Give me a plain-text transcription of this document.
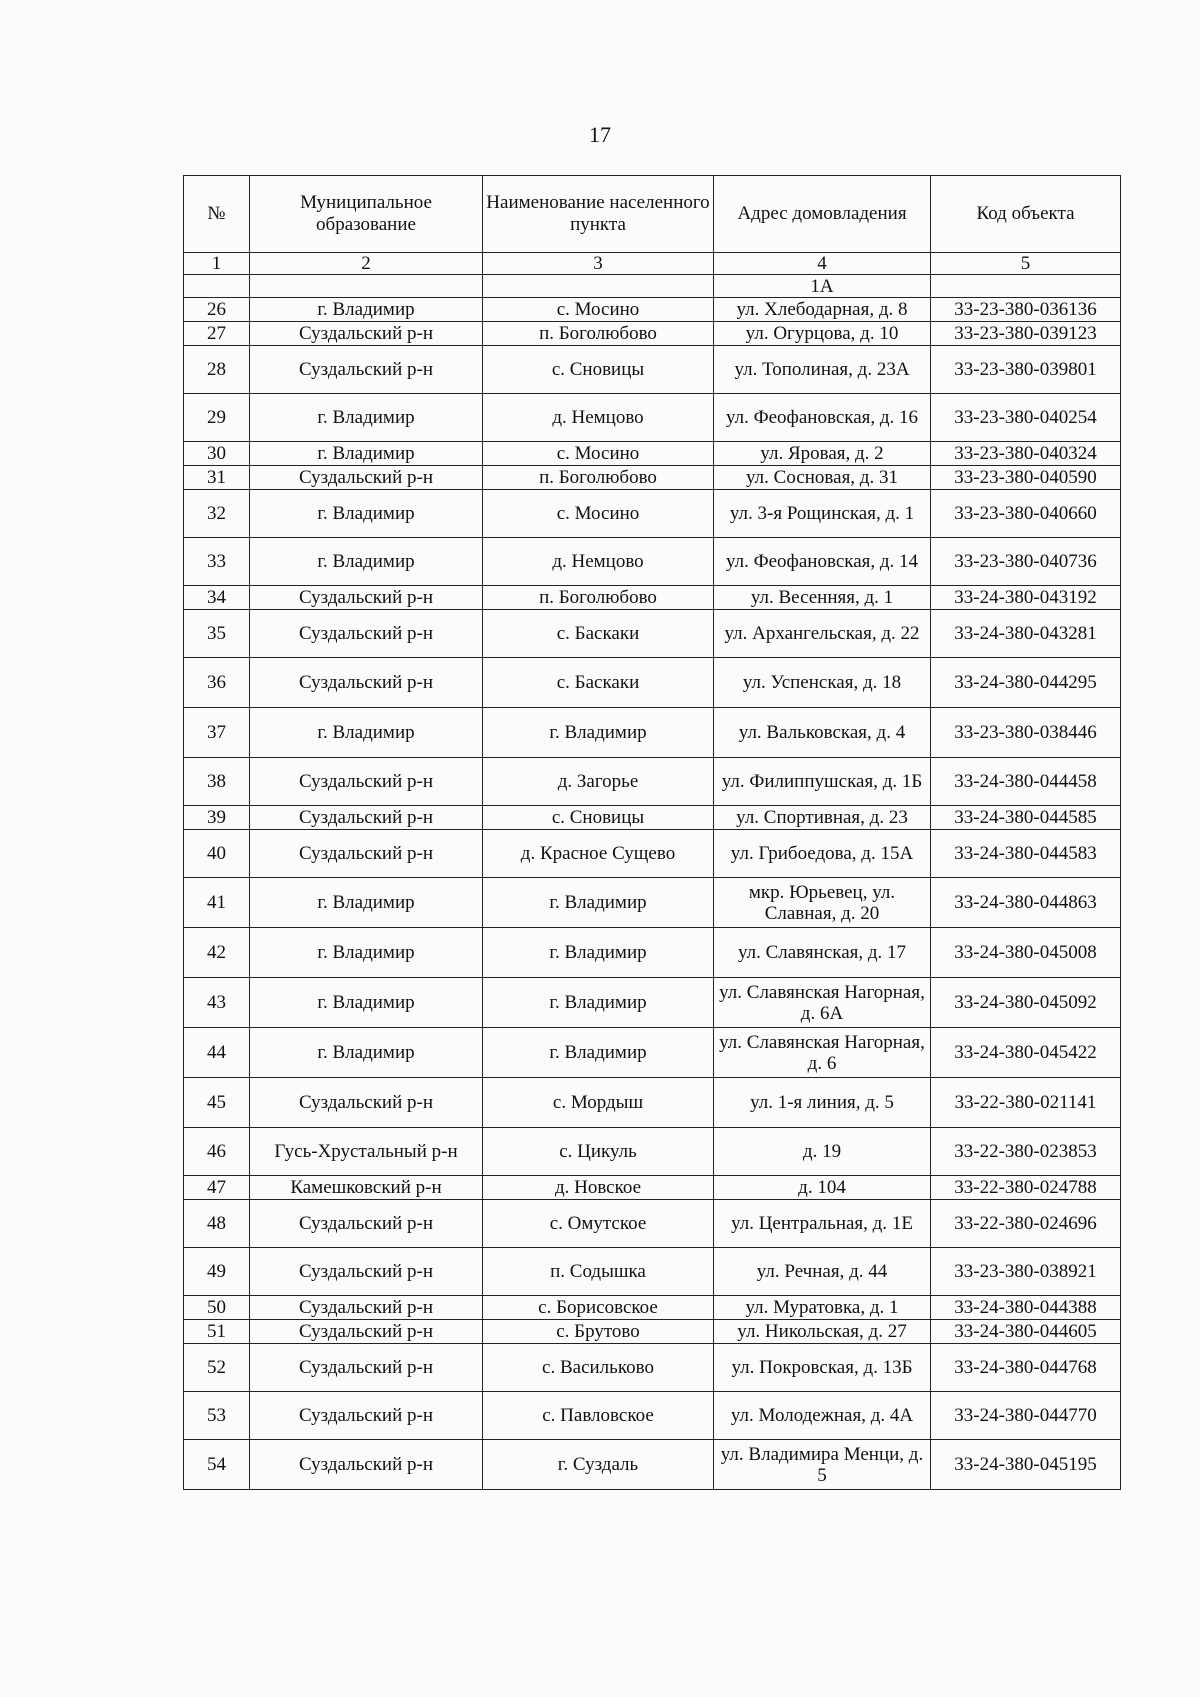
17
№	Муниципальное образование	Наименование населенного пункта	Адрес домовладения	Код объекта
1	2	3	4	5
			1А	
26	г. Владимир	с. Мосино	ул. Хлебодарная, д. 8	33-23-380-036136
27	Суздальский р-н	п. Боголюбово	ул. Огурцова, д. 10	33-23-380-039123
28	Суздальский р-н	с. Сновицы	ул. Тополиная, д. 23А	33-23-380-039801
29	г. Владимир	д. Немцово	ул. Феофановская, д. 16	33-23-380-040254
30	г. Владимир	с. Мосино	ул. Яровая, д. 2	33-23-380-040324
31	Суздальский р-н	п. Боголюбово	ул. Сосновая, д. 31	33-23-380-040590
32	г. Владимир	с. Мосино	ул. 3-я Рощинская, д. 1	33-23-380-040660
33	г. Владимир	д. Немцово	ул. Феофановская, д. 14	33-23-380-040736
34	Суздальский р-н	п. Боголюбово	ул. Весенняя, д. 1	33-24-380-043192
35	Суздальский р-н	с. Баскаки	ул. Архангельская, д. 22	33-24-380-043281
36	Суздальский р-н	с. Баскаки	ул. Успенская, д. 18	33-24-380-044295
37	г. Владимир	г. Владимир	ул. Вальковская, д. 4	33-23-380-038446
38	Суздальский р-н	д. Загорье	ул. Филиппушская, д. 1Б	33-24-380-044458
39	Суздальский р-н	с. Сновицы	ул. Спортивная, д. 23	33-24-380-044585
40	Суздальский р-н	д. Красное Сущево	ул. Грибоедова, д. 15А	33-24-380-044583
41	г. Владимир	г. Владимир	мкр. Юрьевец, ул. Славная, д. 20	33-24-380-044863
42	г. Владимир	г. Владимир	ул. Славянская, д. 17	33-24-380-045008
43	г. Владимир	г. Владимир	ул. Славянская Нагорная, д. 6А	33-24-380-045092
44	г. Владимир	г. Владимир	ул. Славянская Нагорная, д. 6	33-24-380-045422
45	Суздальский р-н	с. Мордыш	ул. 1-я линия, д. 5	33-22-380-021141
46	Гусь-Хрустальный р-н	с. Цикуль	д. 19	33-22-380-023853
47	Камешковский р-н	д. Новское	д. 104	33-22-380-024788
48	Суздальский р-н	с. Омутское	ул. Центральная, д. 1Е	33-22-380-024696
49	Суздальский р-н	п. Содышка	ул. Речная, д. 44	33-23-380-038921
50	Суздальский р-н	с. Борисовское	ул. Муратовка, д. 1	33-24-380-044388
51	Суздальский р-н	с. Брутово	ул. Никольская, д. 27	33-24-380-044605
52	Суздальский р-н	с. Васильково	ул. Покровская, д. 13Б	33-24-380-044768
53	Суздальский р-н	с. Павловское	ул. Молодежная, д. 4А	33-24-380-044770
54	Суздальский р-н	г. Суздаль	ул. Владимира Менци, д. 5	33-24-380-045195
